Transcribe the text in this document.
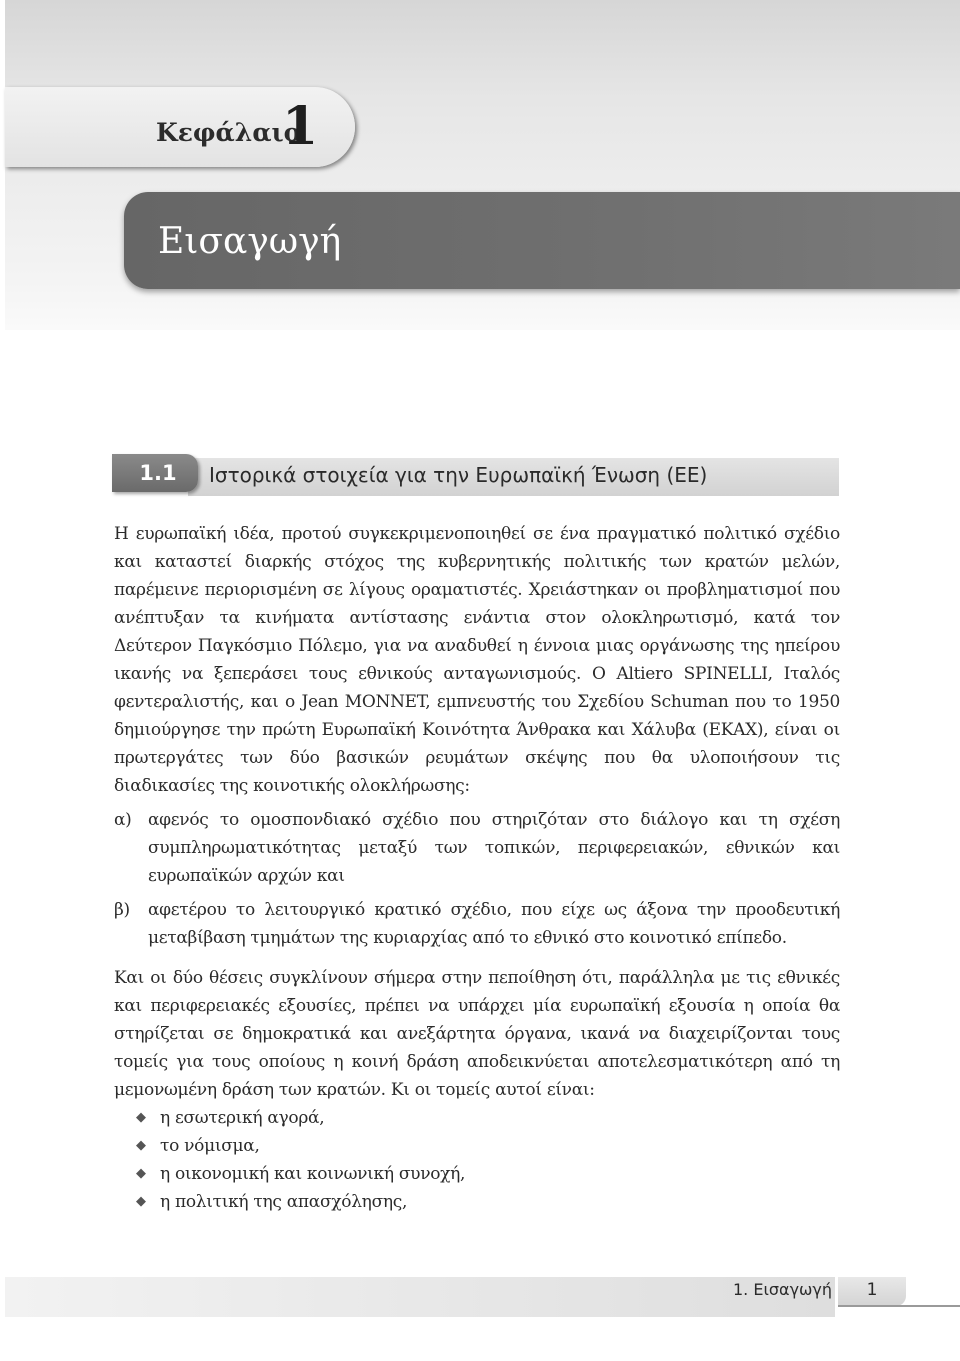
Κεφάλαιο
1
Εισαγωγή
1.1	Ιστορικά στοιχεία για την Ευρωπαϊκή Ένωση (ΕΕ)

Η ευρωπαϊκή ιδέα, προτού συγκεκριμενοποιηθεί σε ένα πραγματικό πολιτικό σχέδιο και καταστεί διαρκής στόχος της κυβερνητικής πολιτικής των κρατών μελών, παρέμεινε περιορισμένη σε λίγους οραματιστές. Χρειάστηκαν οι προβληματισμοί που ανέπτυξαν τα κινήματα αντίστασης ενάντια στον ολοκληρωτισμό, κατά τον Δεύτερον Παγκόσμιο Πόλεμο, για να αναδυθεί η έννοια μιας οργάνωσης της ηπείρου ικανής να ξεπεράσει τους εθνικούς ανταγωνισμούς. Ο Altiero SPINELLI, Ιταλός φεντεραλιστής, και ο Jean MONNET, εμπνευστής του Σχεδίου Schuman που το 1950 δημιούργησε την πρώτη Ευρωπαϊκή Κοινότητα Άνθρακα και Χάλυβα (ΕΚΑΧ), είναι οι πρωτεργάτες των δύο βασικών ρευμάτων σκέψης που θα υλοποιήσουν τις διαδικασίες της κοινοτικής ολοκλήρωσης:

α) αφενός το ομοσπονδιακό σχέδιο που στηριζόταν στο διάλογο και τη σχέση συμπληρωματικότητας μεταξύ των τοπικών, περιφερειακών, εθνικών και ευρωπαϊκών αρχών και
β)	αφετέρου το λειτουργικό κρατικό σχέδιο, που είχε ως άξονα την προοδευτική μεταβίβαση τμημάτων της κυριαρχίας από το εθνικό στο κοινοτικό επίπεδο.

Και οι δύο θέσεις συγκλίνουν σήμερα στην πεποίθηση ότι, παράλληλα με τις εθνικές και περιφερειακές εξουσίες, πρέπει να υπάρχει μία ευρωπαϊκή εξουσία η οποία θα στηρίζεται σε δημοκρατικά και ανεξάρτητα όργανα, ικανά να διαχειρίζονται τους τομείς για τους οποίους η κοινή δράση αποδεικνύεται αποτελεσματικότερη από τη μεμονωμένη δράση των κρατών. Κι οι τομείς αυτοί είναι:

◆ η εσωτερική αγορά,
◆ το νόμισμα,
◆ η οικονομική και κοινωνική συνοχή,
◆ η πολιτική της απασχόλησης,
1. Εισαγωγή	1
